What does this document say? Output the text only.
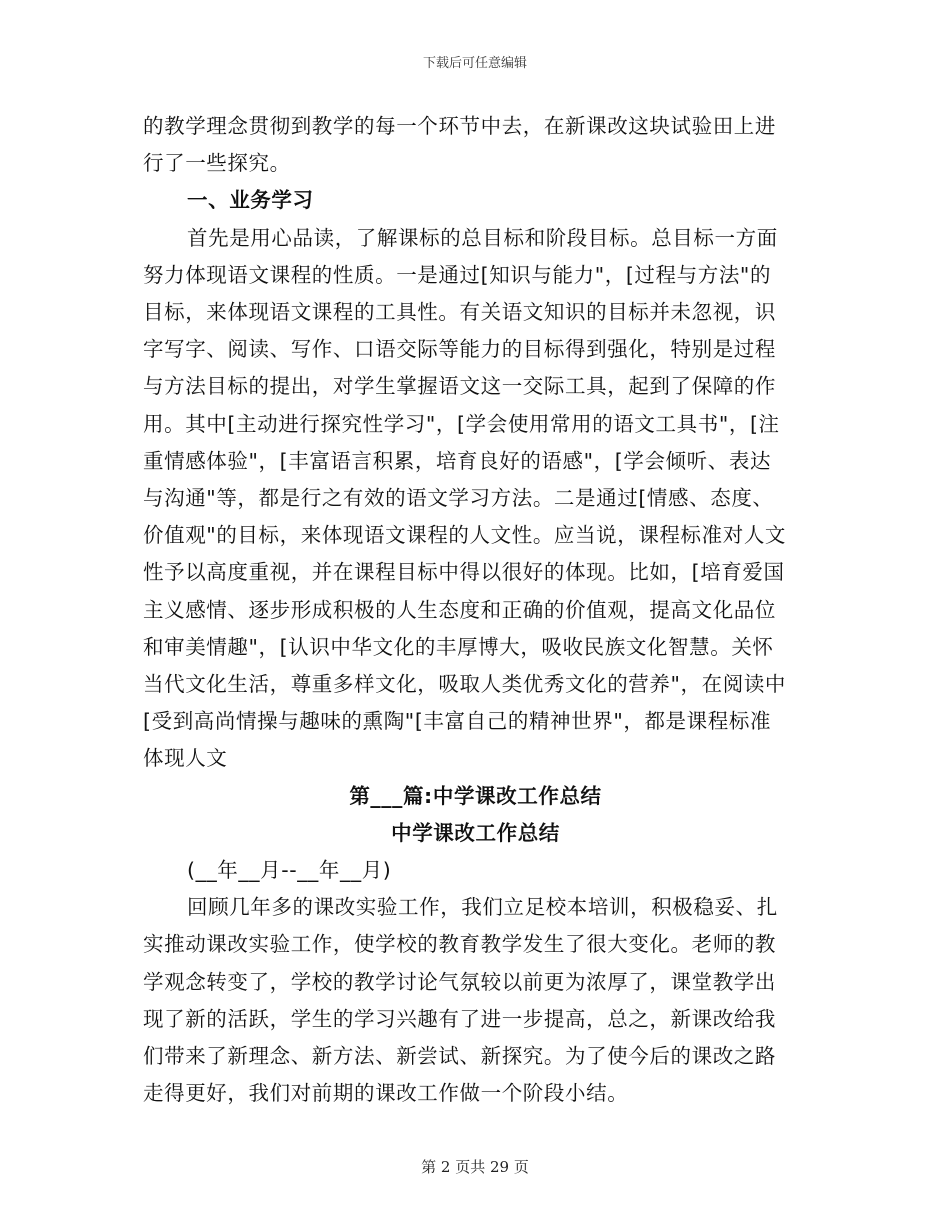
下载后可任意编辑
的教学理念贯彻到教学的每一个环节中去，在新课改这块试验田上进
行了一些探究。
一、业务学习
首先是用心品读，了解课标的总目标和阶段目标。总目标一方面
努力体现语文课程的性质。一是通过[知识与能力"，[过程与方法"的
目标，来体现语文课程的工具性。有关语文知识的目标并未忽视，识
字写字、阅读、写作、口语交际等能力的目标得到强化，特别是过程
与方法目标的提出，对学生掌握语文这一交际工具，起到了保障的作
用。其中[主动进行探究性学习"，[学会使用常用的语文工具书"，[注
重情感体验"，[丰富语言积累，培育良好的语感"，[学会倾听、表达
与沟通"等，都是行之有效的语文学习方法。二是通过[情感、态度、
价值观"的目标，来体现语文课程的人文性。应当说，课程标准对人文
性予以高度重视，并在课程目标中得以很好的体现。比如，[培育爱国
主义感情、逐步形成积极的人生态度和正确的价值观，提高文化品位
和审美情趣"，[认识中华文化的丰厚博大，吸收民族文化智慧。关怀
当代文化生活，尊重多样文化，吸取人类优秀文化的营养"，在阅读中
[受到高尚情操与趣味的熏陶"[丰富自己的精神世界"，都是课程标准
体现人文
第___篇:中学课改工作总结
中学课改工作总结
(__年__月--__年__月)
回顾几年多的课改实验工作，我们立足校本培训，积极稳妥、扎
实推动课改实验工作，使学校的教育教学发生了很大变化。老师的教
学观念转变了，学校的教学讨论气氛较以前更为浓厚了，课堂教学出
现了新的活跃，学生的学习兴趣有了进一步提高，总之，新课改给我
们带来了新理念、新方法、新尝试、新探究。为了使今后的课改之路
走得更好，我们对前期的课改工作做一个阶段小结。
第 2 页共 29 页
